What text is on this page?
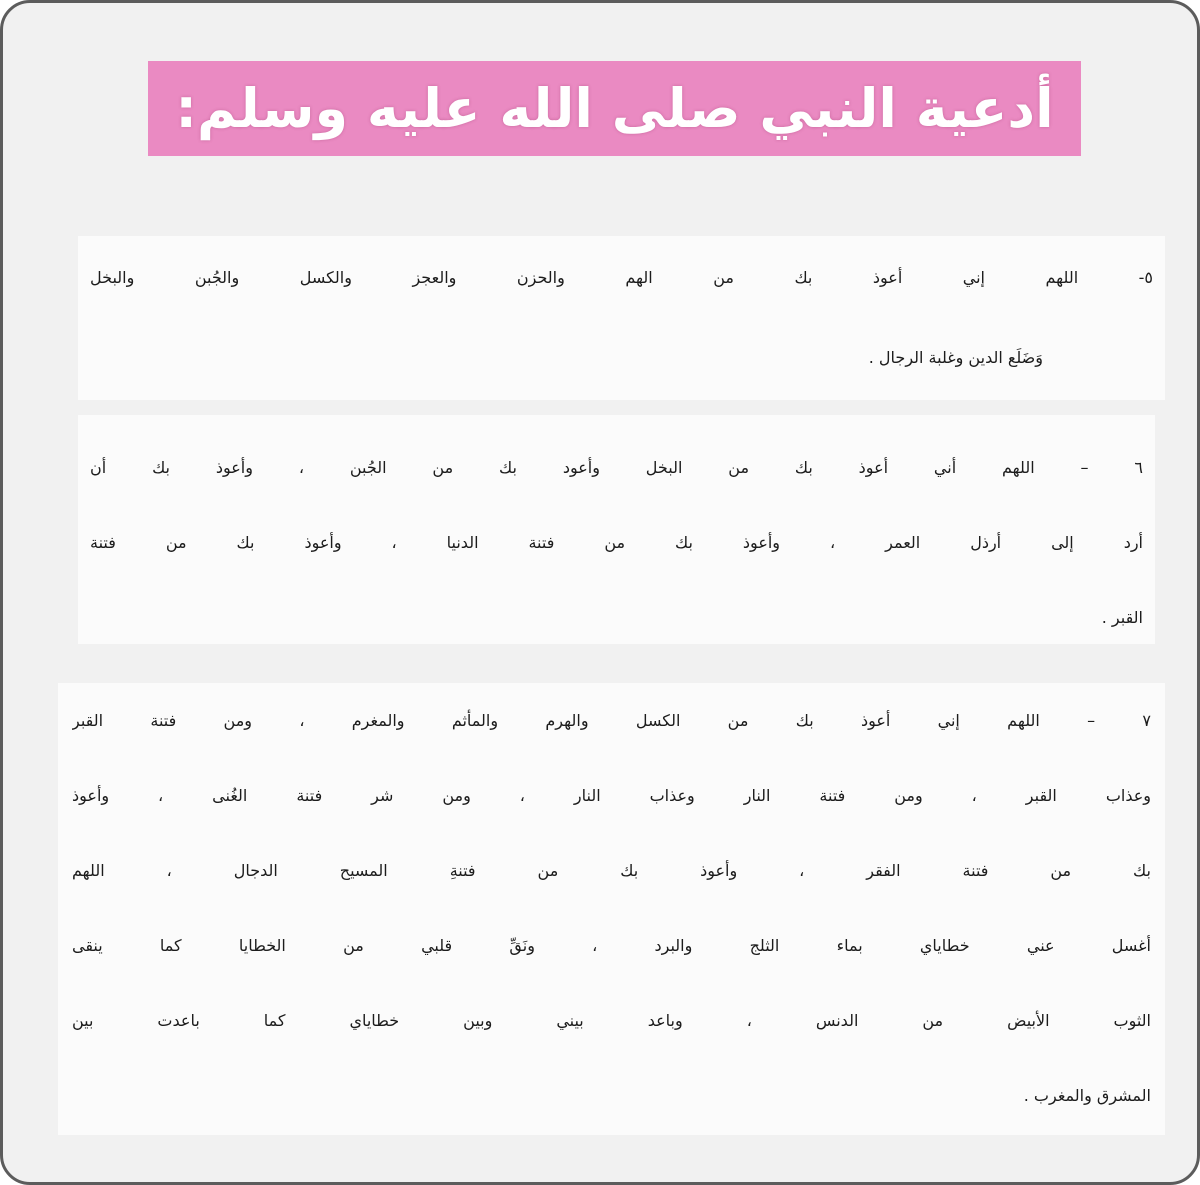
أدعية النبي صلى الله عليه وسلم:
٥- اللهم إني أعوذ بك من الهم والحزن والعجز والكسل والجُبن والبخل
وَضَلَع الدين وغلبة الرجال .
٦ – اللهم أني أعوذ بك من البخل وأعود بك من الجُبن ، وأعوذ بك أن
أرد إلى أرذل العمر ، وأعوذ بك من فتنة الدنيا ، وأعوذ بك من فتنة
القبر .
٧ – اللهم إني أعوذ بك من الكسل والهرم والمأثم والمغرم ، ومن فتنة القبر
وعذاب القبر ، ومن فتنة النار وعذاب النار ، ومن شر فتنة الغُنى ، وأعوذ
بك من فتنة الفقر ، وأعوذ بك من فتنةِ المسيح الدجال ، اللهم
أغسل عني خطاياي بماء الثلج والبرد ، ونَقِّ قلبي من الخطايا كما ينقى
الثوب الأبيض من الدنس ، وباعد بيني وبين خطاياي كما باعدت بين
المشرق والمغرب .
